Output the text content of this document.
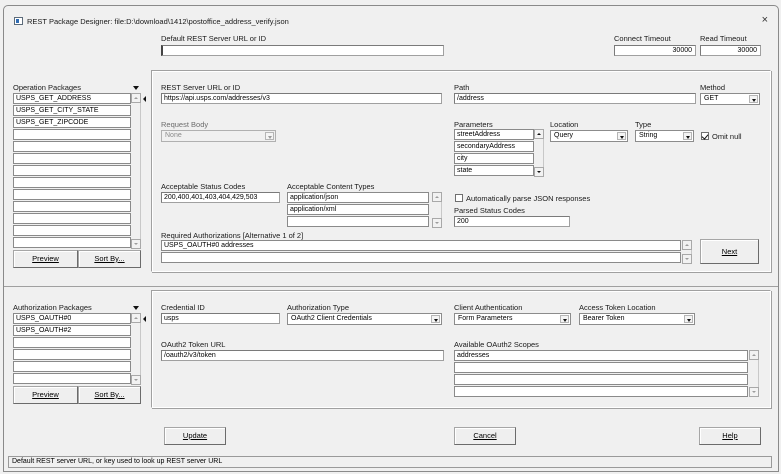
REST Package Designer: file:D:\download\1412\postoffice_address_verify.json	×
Default REST Server URL or ID	Connect Timeout
30000
Read Timeout
30000
Operation Packages
USPS_GET_ADDRESS
USPS_GET_CITY_STATE
USPS_GET_ZIPCODE
Preview	Sort By...
REST Server URL or ID
https://api.usps.com/addresses/v3
Path
/address
Method
GET
Request Body
None
Parameters
streetAddress
secondaryAddress
city
state
Location
Query
Type
String	Omit null
Acceptable Status Codes
200,400,401,403,404,429,503
Acceptable Content Types
application/json
application/xml
Automatically parse JSON responses
Parsed Status Codes
200
Required Authorizations [Alternative 1 of 2]
USPS_OAUTH#0 addresses
Next
Authorization Packages
USPS_OAUTH#0
USPS_OAUTH#2
Preview	Sort By...
Credential ID
usps
Authorization Type
OAuth2 Client Credentials
Client Authentication
Form Parameters
Access Token Location
Bearer Token
OAuth2 Token URL
/oauth2/v3/token
Available OAuth2 Scopes
addresses
Update	Cancel	Help
Default REST server URL, or key used to look up REST server URL
